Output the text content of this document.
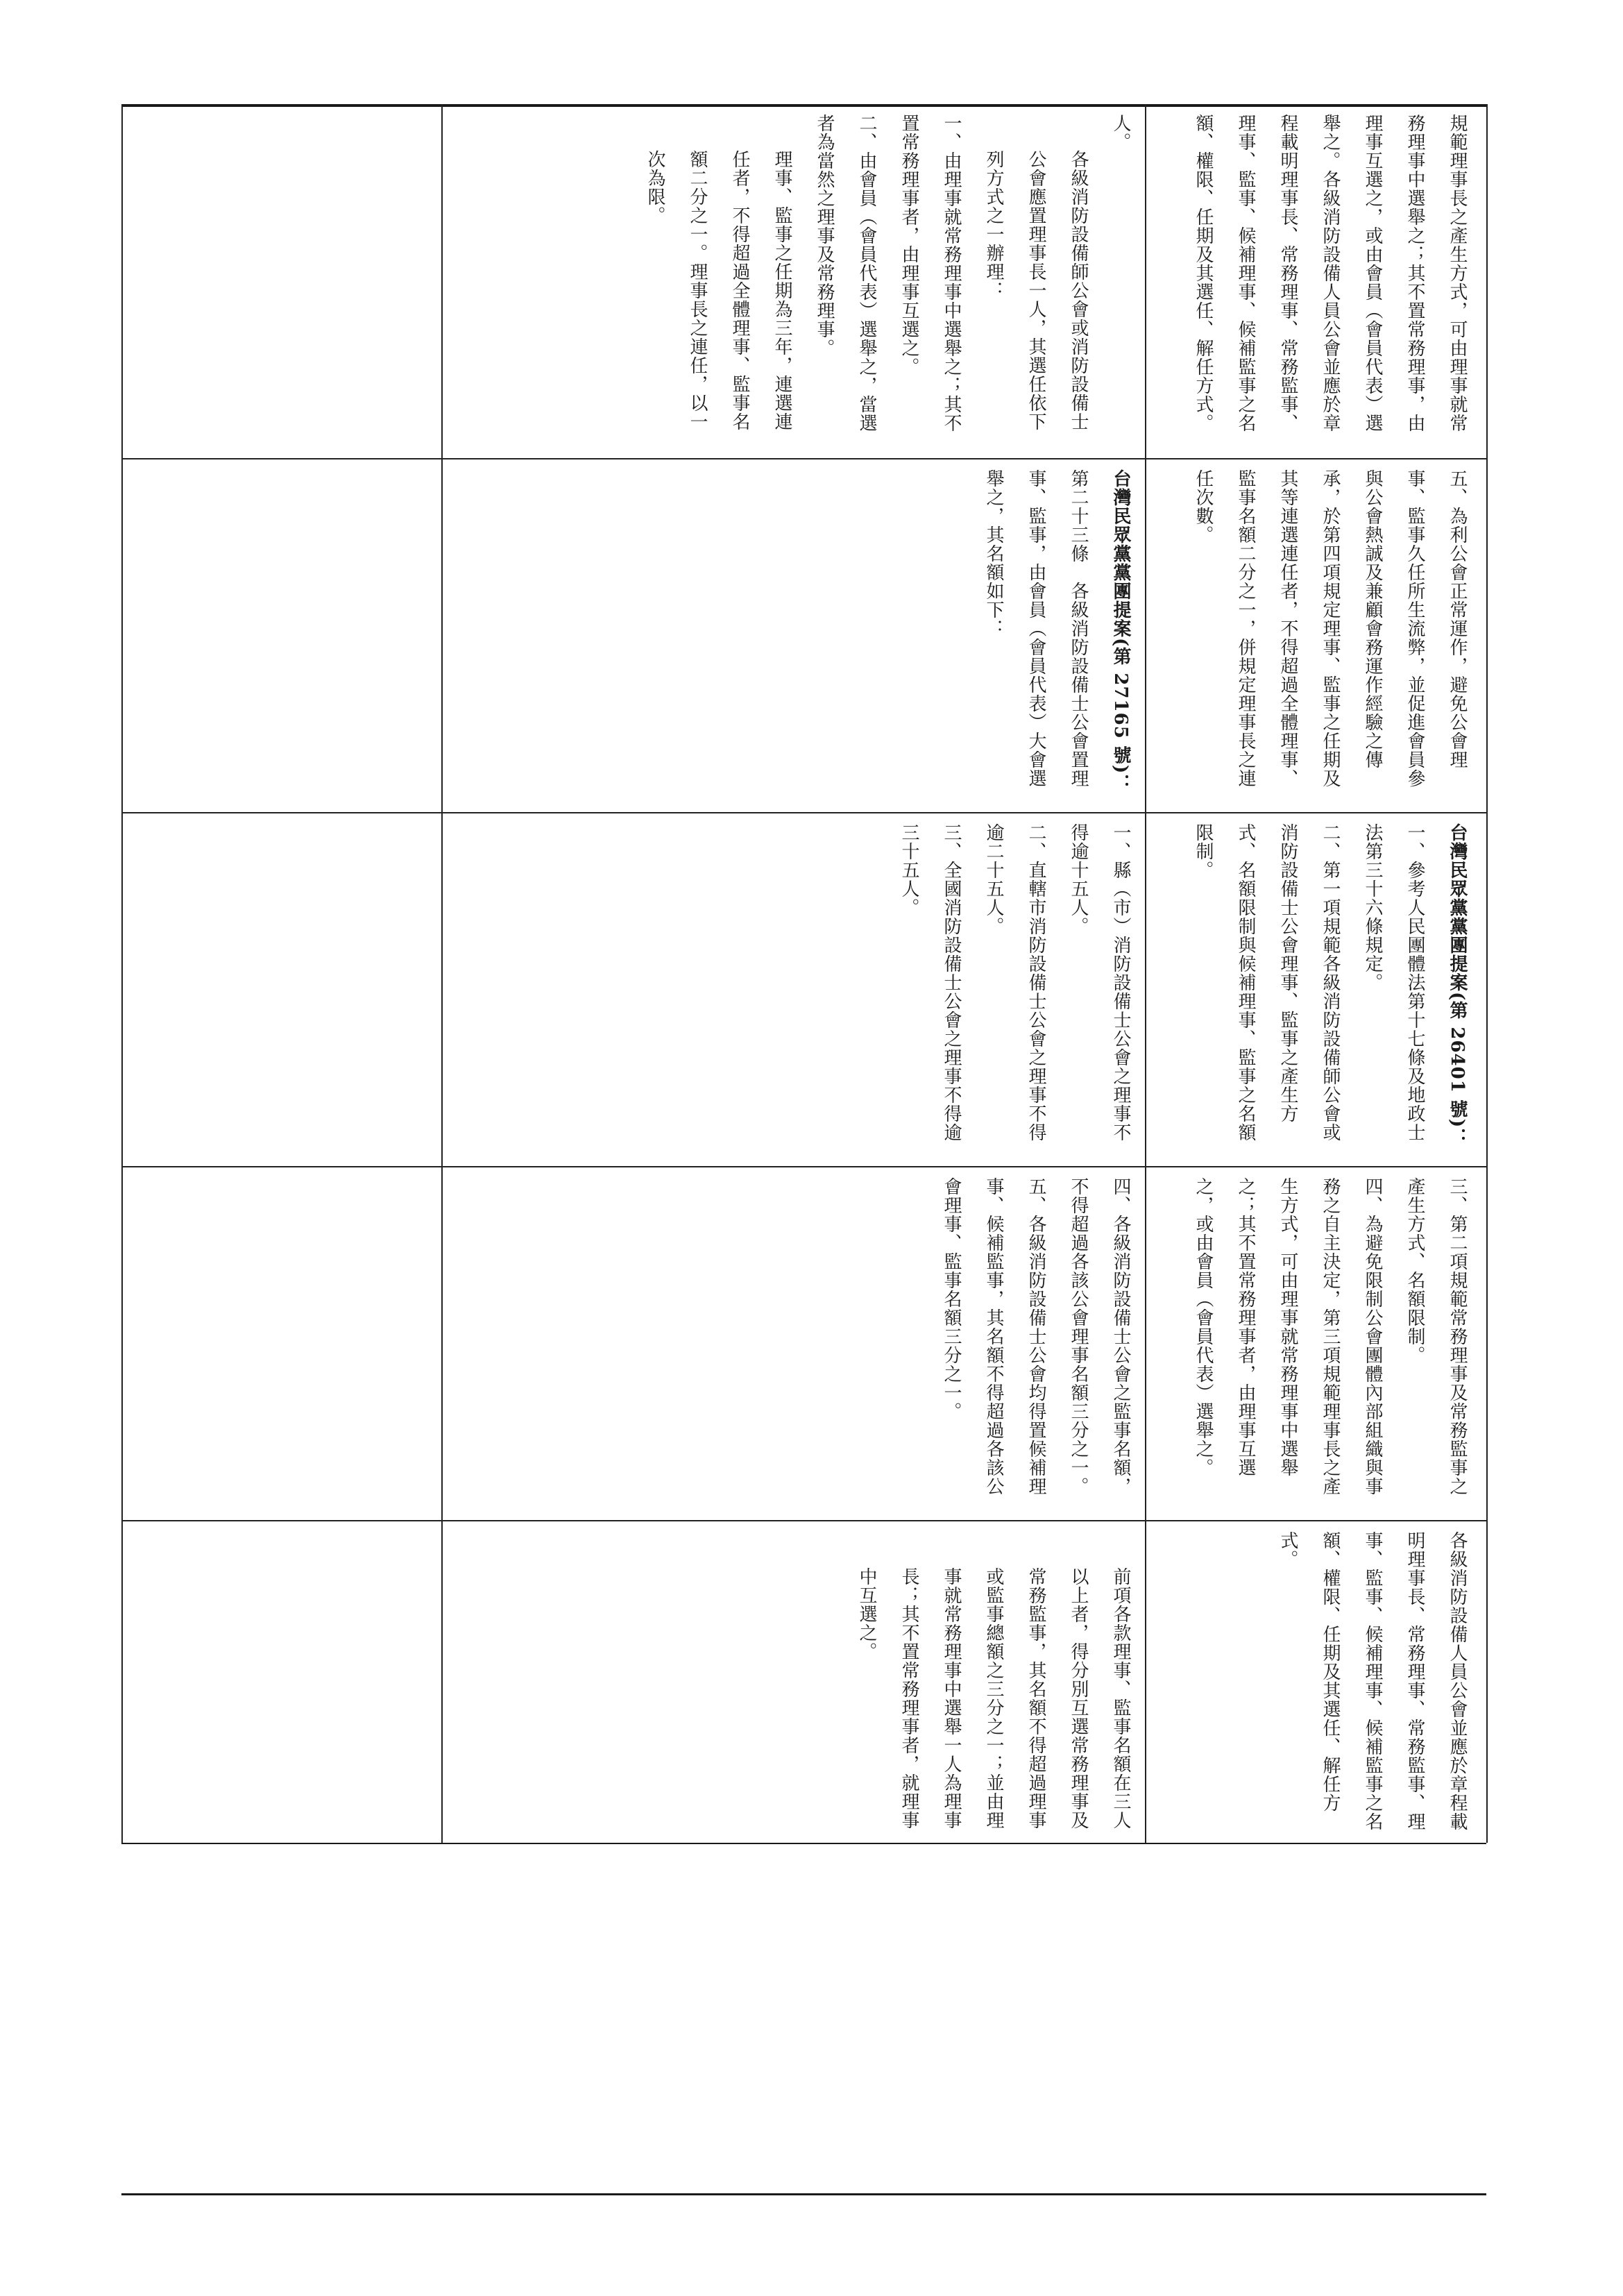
規範理事長之產生方式，可由理事就常務理事中選舉之；其不置常務理事，由理事互選之，或由會員（會員代表）選舉之。各級消防設備人員公會並應於章程載明理事長、常務理事、常務監事、理事、監事、候補理事、候補監事之名額、權限、任期及其選任、解任方式。
人。
各級消防設備師公會或消防設備士公會應置理事長一人，其選任依下列方式之一辦理：
一、由理事就常務理事中選舉之；其不置常務理事者，由理事互選之。
二、由會員（會員代表）選舉之，當選者為當然之理事及常務理事。
理事、監事之任期為三年，連選連任者，不得超過全體理事、監事名額二分之一。理事長之連任，以一次為限。
五、為利公會正常運作，避免公會理事、監事久任所生流弊，並促進會員參與公會熱誠及兼顧會務運作經驗之傳承，於第四項規定理事、監事之任期及其等連選連任者，不得超過全體理事、監事名額二分之一，併規定理事長之連任次數。
台灣民眾黨黨團提案(第 27165 號)：
第二十三條　各級消防設備士公會置理事、監事，由會員（會員代表）大會選舉之，其名額如下：
台灣民眾黨黨團提案(第 26401 號)：
一、參考人民團體法第十七條及地政士法第三十六條規定。
二、第一項規範各級消防設備師公會或消防設備士公會理事、監事之產生方式、名額限制與候補理事、監事之名額限制。
一、縣（市）消防設備士公會之理事不得逾十五人。
二、直轄市消防設備士公會之理事不得逾二十五人。
三、全國消防設備士公會之理事不得逾三十五人。
三、第二項規範常務理事及常務監事之產生方式、名額限制。
四、為避免限制公會團體內部組織與事務之自主決定，第三項規範理事長之產生方式，可由理事就常務理事中選舉之；其不置常務理事者，由理事互選之，或由會員（會員代表）選舉之。
四、各級消防設備士公會之監事名額，不得超過各該公會理事名額三分之一。
五、各級消防設備士公會均得置候補理事、候補監事，其名額不得超過各該公會理事、監事名額三分之一。
各級消防設備人員公會並應於章程載明理事長、常務理事、常務監事、理事、監事、候補理事、候補監事之名額、權限、任期及其選任、解任方式。
前項各款理事、監事名額在三人以上者，得分別互選常務理事及常務監事，其名額不得超過理事或監事總額之三分之一；並由理事就常務理事中選舉一人為理事長；其不置常務理事者，就理事中互選之。
